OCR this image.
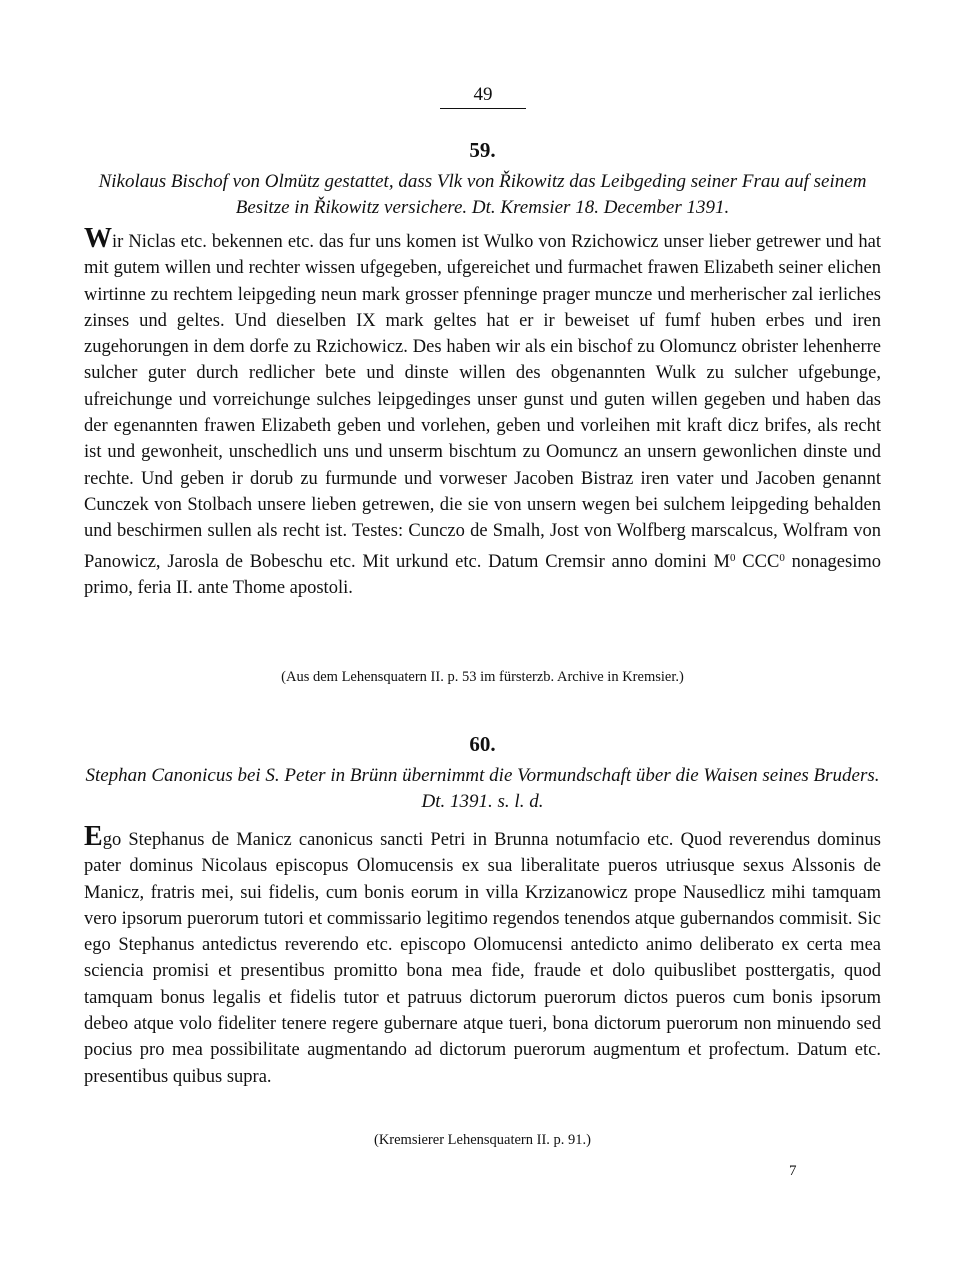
49

59.

Nikolaus Bischof von Olmütz gestattet, dass Vlk von Řikowitz das Leibgeding seiner Frau auf seinem Besitze in Řikowitz versichere. Dt. Kremsier 18. December 1391.

Wir Niclas etc. bekennen etc. das fur uns komen ist Wulko von Rzichowicz unser lieber getrewer und hat mit gutem willen und rechter wissen ufgegeben, ufgereichet und furmachet frawen Elizabeth seiner elichen wirtinne zu rechtem leipgeding neun mark grosser pfenninge prager muncze und merherischer zal ierliches zinses und geltes. Und dieselben IX mark geltes hat er ir beweiset uf fumf huben erbes und iren zugehorungen in dem dorfe zu Rzichowicz. Des haben wir als ein bischof zu Olomuncz obrister lehenherre sulcher guter durch redlicher bete und dinste willen des obgenannten Wulk zu sulcher ufgebunge, ufreichunge und vorreichunge sulches leipgedinges unser gunst und guten willen gegeben und haben das der egenannten frawen Elizabeth geben und vorlehen, geben und vorleihen mit kraft dicz brifes, als recht ist und gewonheit, unschedlich uns und unserm bischtum zu Oomuncz an unsern gewonlichen dinste und rechte. Und geben ir dorub zu furmunde und vorweser Jacoben Bistraz iren vater und Jacoben genannt Cunczek von Stolbach unsere lieben getrewen, die sie von unsern wegen bei sulchem leipgeding behalden und beschirmen sullen als recht ist. Testes: Cunczo de Smalh, Jost von Wolfberg marscalcus, Wolfram von Panowicz, Jarosla de Bobeschu etc. Mit urkund etc. Datum Cremsir anno domini $M^0$ CCC$^0$ nonagesimo primo, feria II. ante Thome apostoli.

(Aus dem Lehensquatern II. p. 53 im fürsterzb. Archive in Kremsier.)

60.

Stephan Canonicus bei S. Peter in Brünn übernimmt die Vormundschaft über die Waisen seines Bruders. Dt. 1391. s. l. d.

Ego Stephanus de Manicz canonicus sancti Petri in Brunna notumfacio etc. Quod reverendus dominus pater dominus Nicolaus episcopus Olomucensis ex sua liberalitate pueros utriusque sexus Alssonis de Manicz, fratris mei, sui fidelis, cum bonis eorum in villa Krzizanowicz prope Nausedlicz mihi tamquam vero ipsorum puerorum tutori et commissario legitimo regendos tenendos atque gubernandos commisit. Sic ego Stephanus antedictus reverendo etc. episcopo Olomucensi antedicto animo deliberato ex certa mea sciencia promisi et presentibus promitto bona mea fide, fraude et dolo quibuslibet posttergatis, quod tamquam bonus legalis et fidelis tutor et patruus dictorum puerorum dictos pueros cum bonis ipsorum debeo atque volo fideliter tenere regere gubernare atque tueri, bona dictorum puerorum non minuendo sed pocius pro mea possibilitate augmentando ad dictorum puerorum augmentum et profectum. Datum etc. presentibus quibus supra.

(Kremsierer Lehensquatern II. p. 91.)

7
